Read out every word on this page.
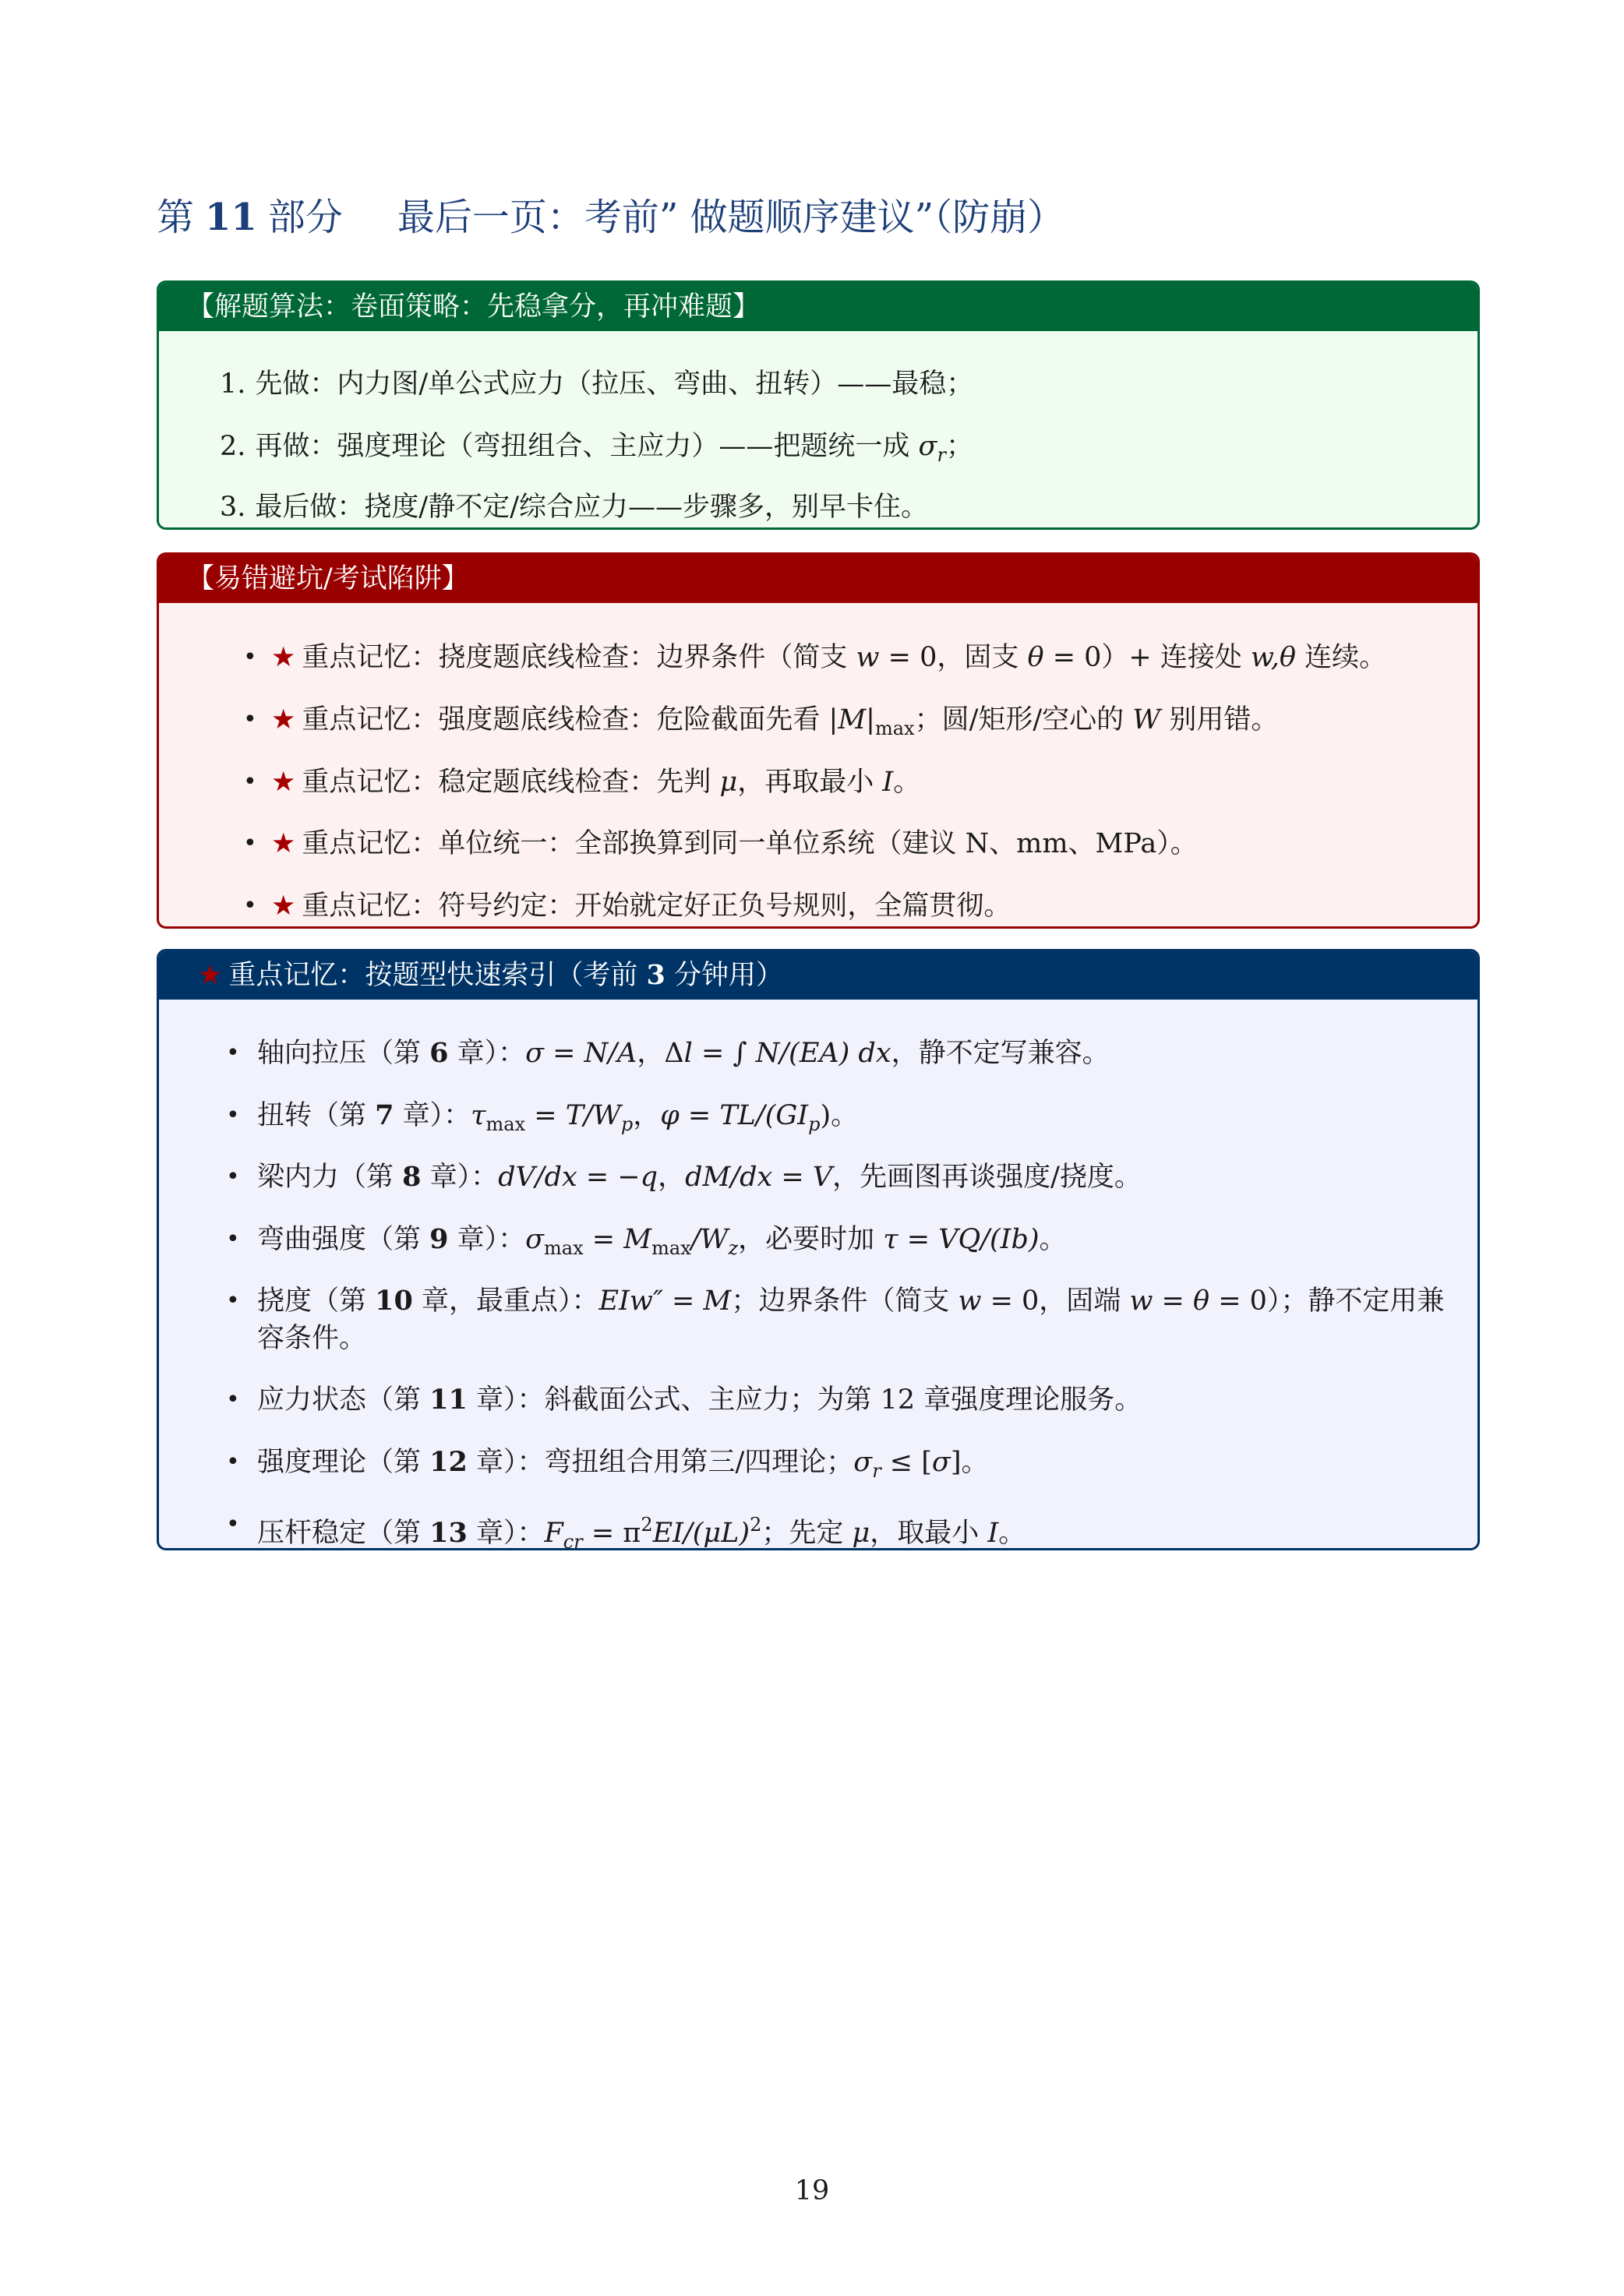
第 11 部分 最后一页：考前” 做题顺序建议”（防崩）
【解题算法：卷面策略：先稳拿分，再冲难题】
1. 先做：内力图/单公式应力（拉压、弯曲、扭转）——最稳；
2. 再做：强度理论（弯扭组合、主应力）——把题统一成 $\sigma_r$；
3. 最后做：挠度/静不定/综合应力——步骤多，别早卡住。
【易错避坑/考试陷阱】
• ★ 重点记忆：挠度题底线检查：边界条件（简支 w = 0，固支 θ = 0）+ 连接处 w,θ 连续。
• ★ 重点记忆：强度题底线检查：危险截面先看 $|M|_{max}$；圆/矩形/空心的 W 别用错。
• ★ 重点记忆：稳定题底线检查：先判 μ，再取最小 I。
• ★ 重点记忆：单位统一：全部换算到同一单位系统（建议 N、mm、MPa）。
• ★ 重点记忆：符号约定：开始就定好正负号规则，全篇贯彻。
★ 重点记忆：按题型快速索引（考前 3 分钟用）
• 轴向拉压（第 6 章）：σ = N/A，Δl = ∫ N/(EA) dx，静不定写兼容。
• 扭转（第 7 章）：$\tau_{max} = T/W_p$，$\varphi = TL/(GI_p)$。
• 梁内力（第 8 章）：dV/dx = −q，dM/dx = V，先画图再谈强度/挠度。
• 弯曲强度（第 9 章）：$\sigma_{max} = M_{max}/W_z$，必要时加 τ = VQ/(Ib)。
• 挠度（第 10 章，最重点）：EIw″ = M；边界条件（简支 w = 0，固端 w = θ = 0）；静不定用兼容条件。
• 应力状态（第 11 章）：斜截面公式、主应力；为第 12 章强度理论服务。
• 强度理论（第 12 章）：弯扭组合用第三/四理论；$\sigma_r \le [\sigma]$。
• 压杆稳定（第 13 章）：$F_{cr} = \pi^2EI/(\mu L)^2$；先定 μ，取最小 I。
19
